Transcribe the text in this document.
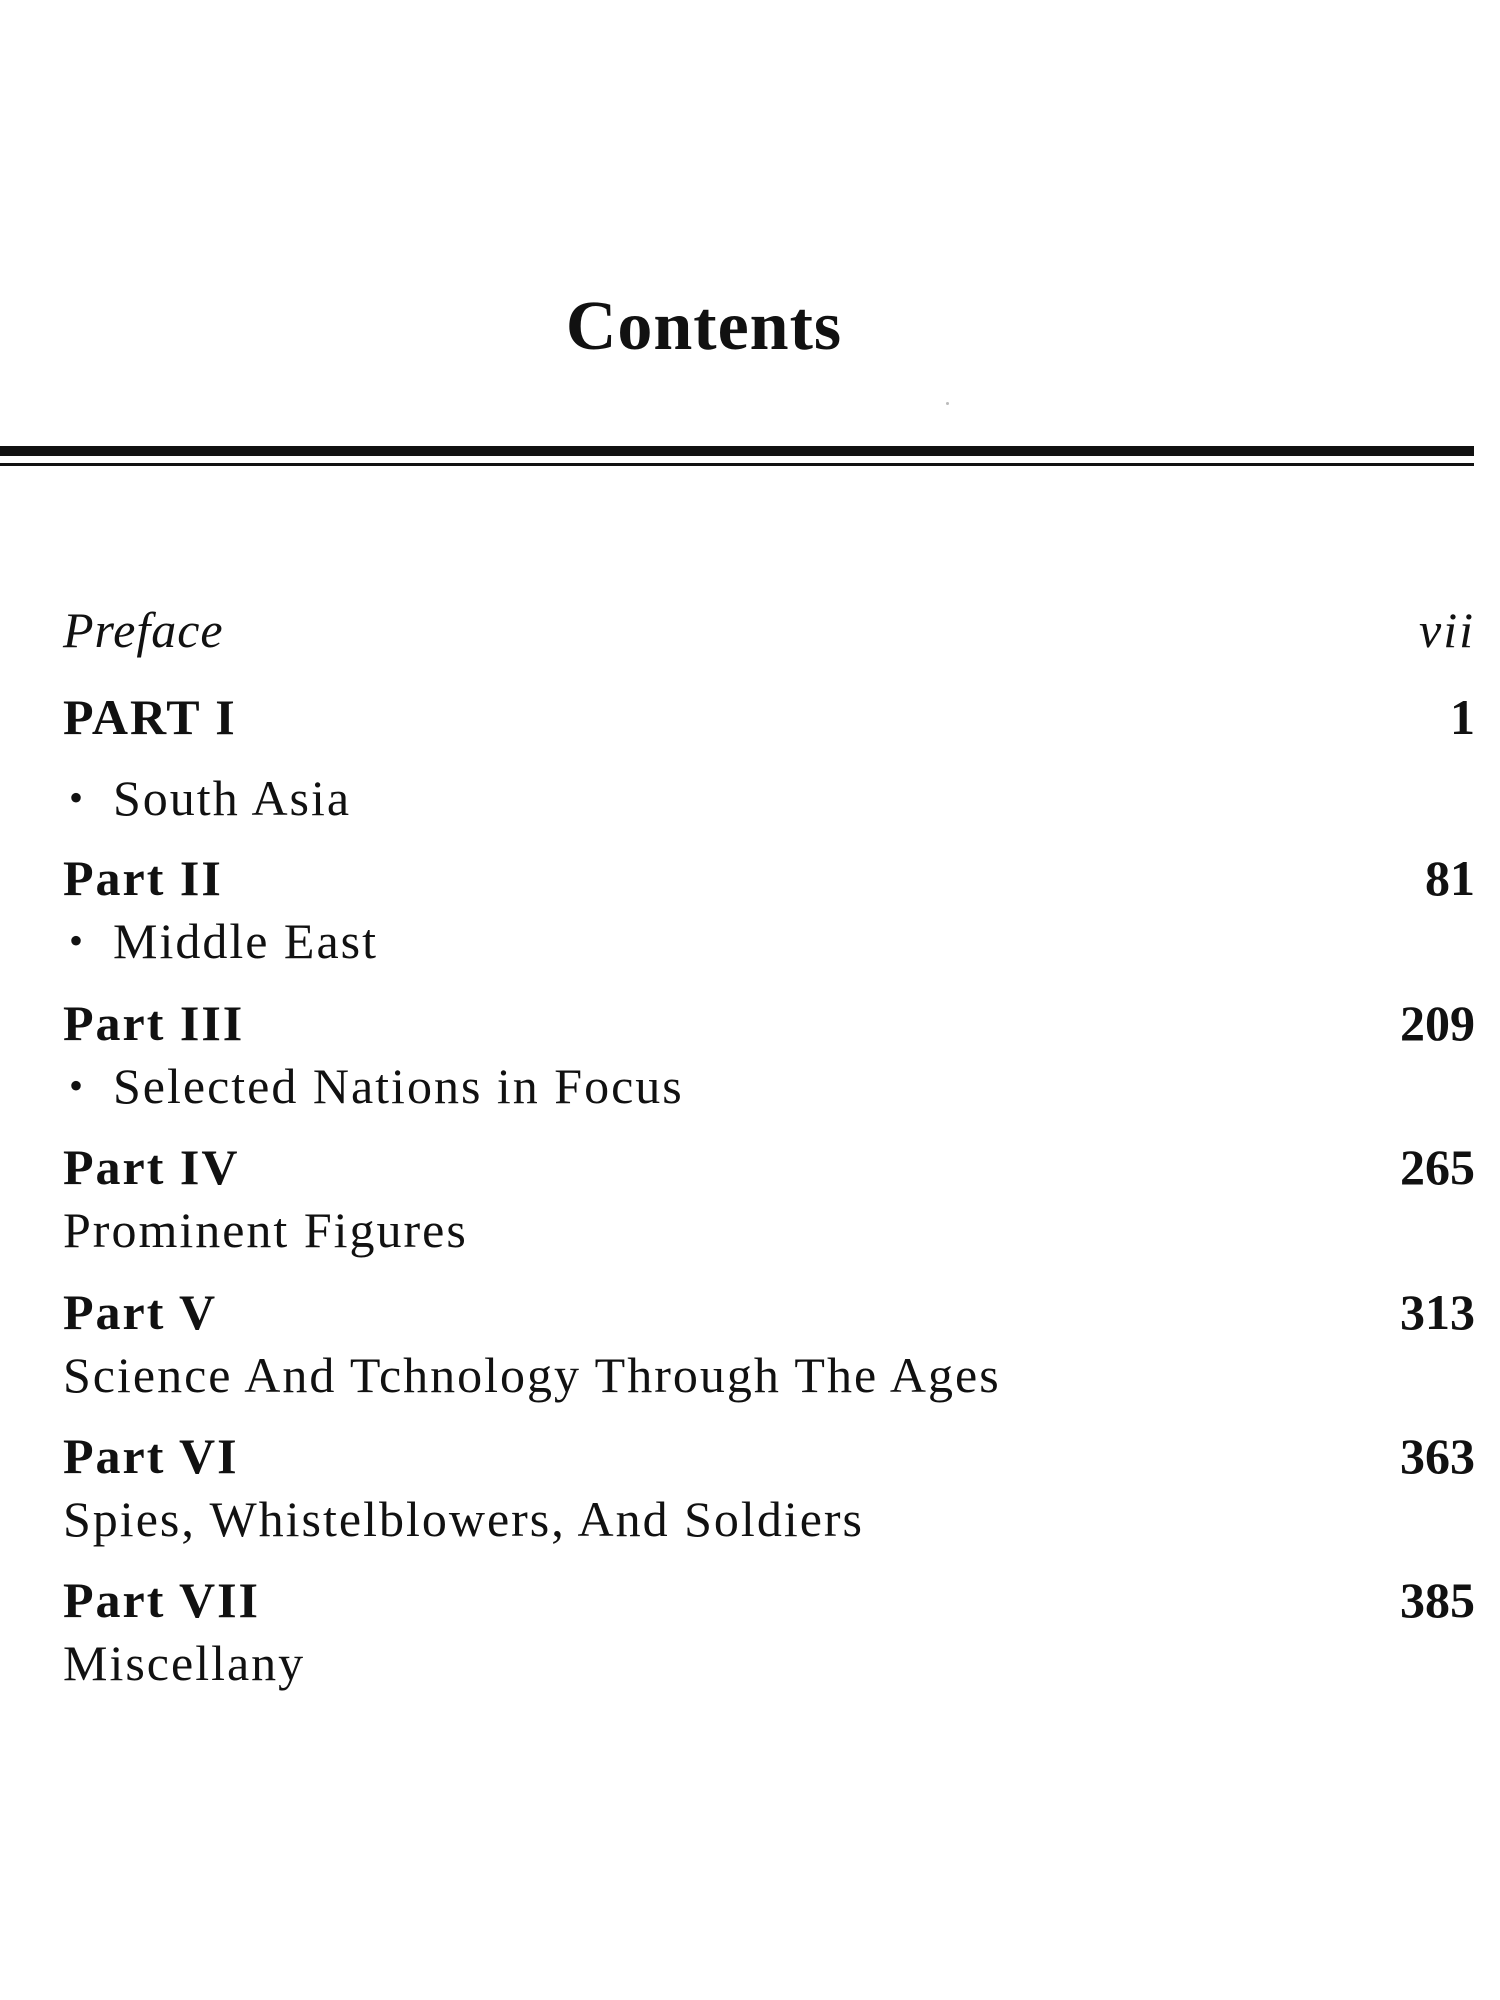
Contents
Preface	vii
PART I	1
• South Asia
Part II	81
• Middle East
Part III	209
• Selected Nations in Focus
Part IV	265
Prominent Figures
Part V	313
Science And Tchnology Through The Ages
Part VI	363
Spies, Whistelblowers, And Soldiers
Part VII	385
Miscellany
